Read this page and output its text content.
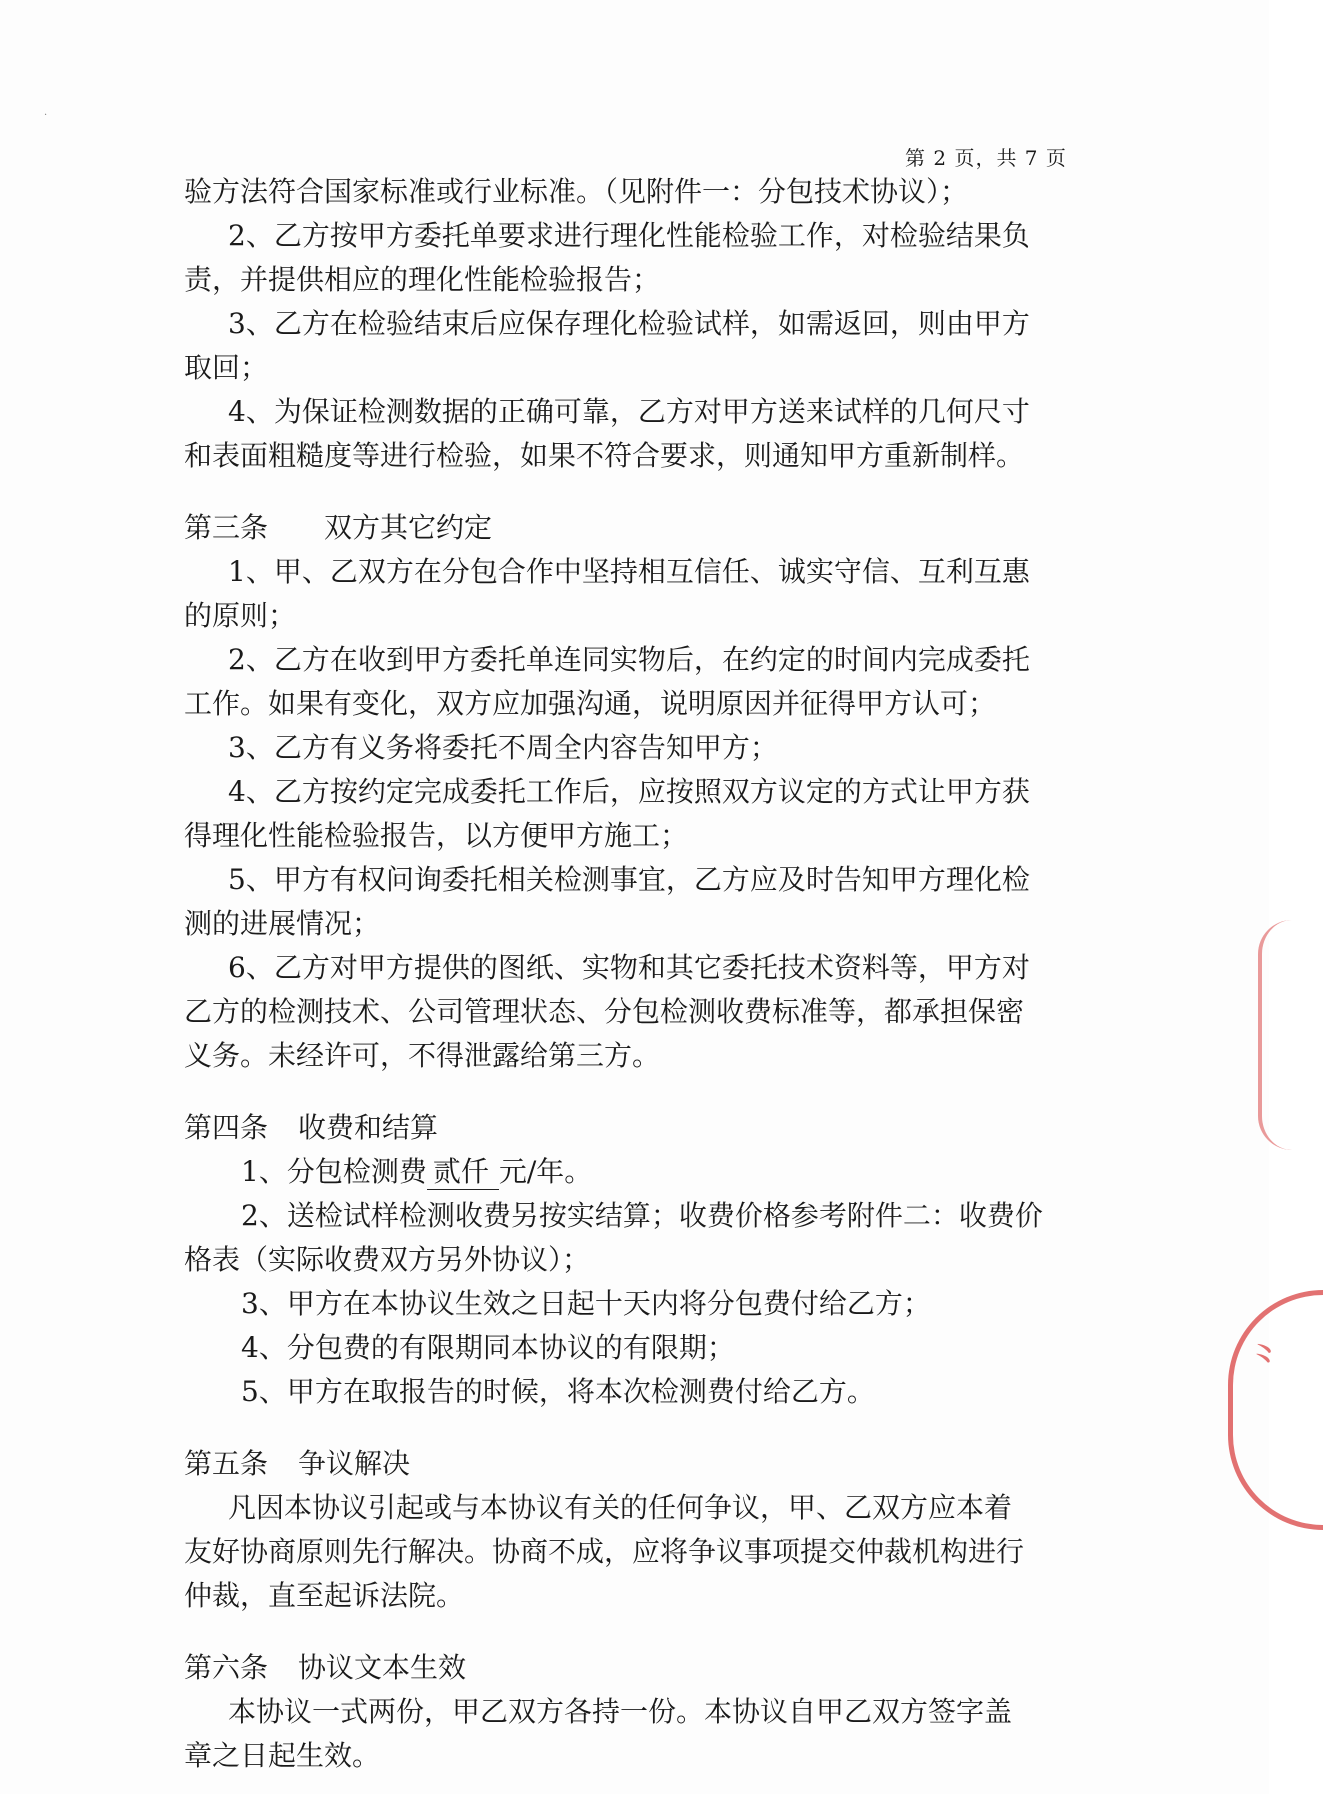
·
第 2 页，共 7 页
验方法符合国家标准或行业标准。（见附件一：分包技术协议）；
2、乙方按甲方委托单要求进行理化性能检验工作，对检验结果负
责，并提供相应的理化性能检验报告；
3、乙方在检验结束后应保存理化检验试样，如需返回，则由甲方
取回；
4、为保证检测数据的正确可靠，乙方对甲方送来试样的几何尺寸
和表面粗糙度等进行检验，如果不符合要求，则通知甲方重新制样。
第三条 双方其它约定
1、甲、乙双方在分包合作中坚持相互信任、诚实守信、互利互惠
的原则；
2、乙方在收到甲方委托单连同实物后，在约定的时间内完成委托
工作。如果有变化，双方应加强沟通，说明原因并征得甲方认可；
3、乙方有义务将委托不周全内容告知甲方；
4、乙方按约定完成委托工作后，应按照双方议定的方式让甲方获
得理化性能检验报告，以方便甲方施工；
5、甲方有权问询委托相关检测事宜，乙方应及时告知甲方理化检
测的进展情况；
6、乙方对甲方提供的图纸、实物和其它委托技术资料等，甲方对
乙方的检测技术、公司管理状态、分包检测收费标准等，都承担保密
义务。未经许可，不得泄露给第三方。
第四条 收费和结算
1、分包检测费 贰仟 元/年。
2、送检试样检测收费另按实结算；收费价格参考附件二：收费价
格表（实际收费双方另外协议）；
3、甲方在本协议生效之日起十天内将分包费付给乙方；
4、分包费的有限期同本协议的有限期；
5、甲方在取报告的时候，将本次检测费付给乙方。
第五条 争议解决
凡因本协议引起或与本协议有关的任何争议，甲、乙双方应本着
友好协商原则先行解决。协商不成，应将争议事项提交仲裁机构进行
仲裁，直至起诉法院。
第六条 协议文本生效
本协议一式两份，甲乙双方各持一份。本协议自甲乙双方签字盖
章之日起生效。
⺀
